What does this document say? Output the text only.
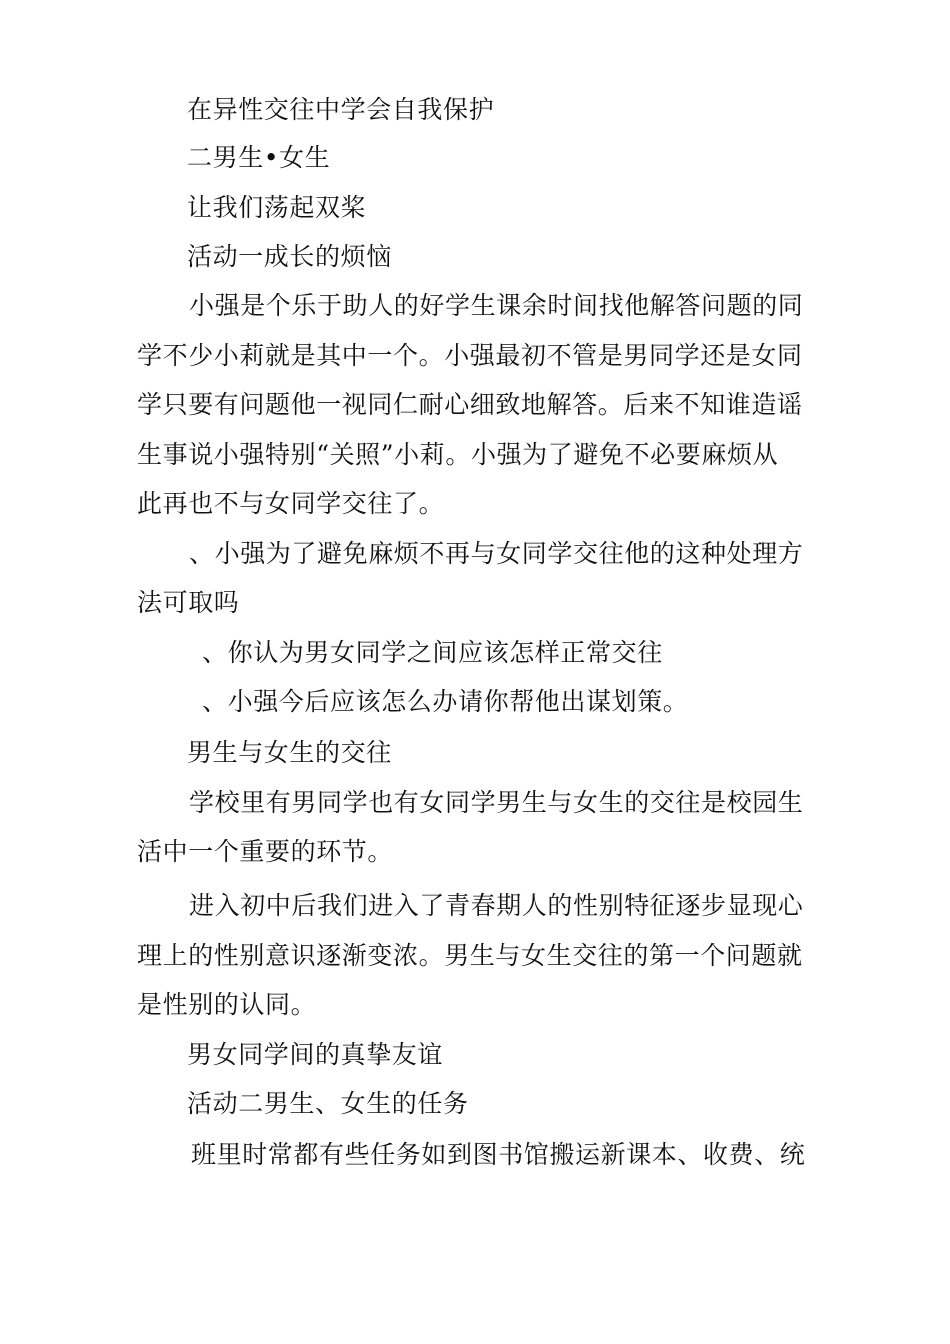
在异性交往中学会自我保护
二男生•女生
让我们荡起双桨
活动一成长的烦恼
小强是个乐于助人的好学生课余时间找他解答问题的同
学不少小莉就是其中一个。小强最初不管是男同学还是女同
学只要有问题他一视同仁耐心细致地解答。后来不知谁造谣
生事说小强特别“关照”小莉。小强为了避免不必要麻烦从
此再也不与女同学交往了。
、小强为了避免麻烦不再与女同学交往他的这种处理方
法可取吗
、你认为男女同学之间应该怎样正常交往
、小强今后应该怎么办请你帮他出谋划策。
男生与女生的交往
学校里有男同学也有女同学男生与女生的交往是校园生
活中一个重要的环节。
进入初中后我们进入了青春期人的性别特征逐步显现心
理上的性别意识逐渐变浓。男生与女生交往的第一个问题就
是性别的认同。
男女同学间的真挚友谊
活动二男生、女生的任务
班里时常都有些任务如到图书馆搬运新课本、收费、统
